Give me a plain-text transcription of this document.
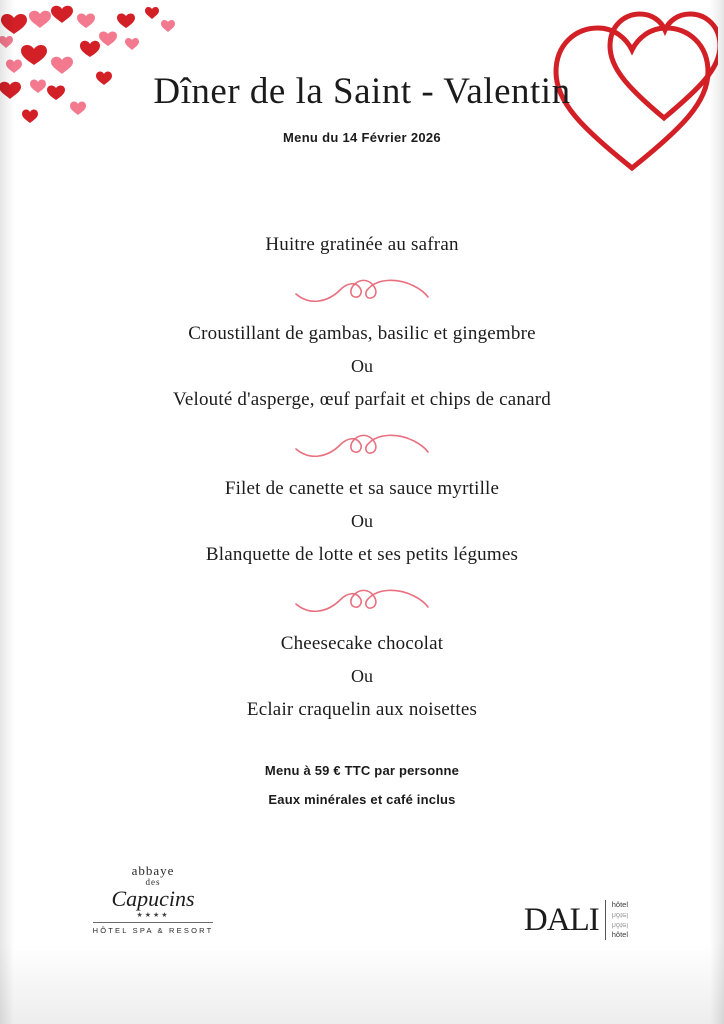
Dîner de la Saint - Valentin
Menu du 14 Février 2026
Huitre gratinée au safran
Croustillant de gambas, basilic et gingembre
Ou
Velouté d'asperge, œuf parfait et chips de canard
Filet de canette et sa sauce myrtille
Ou
Blanquette de lotte et ses petits légumes
Cheesecake chocolat
Ou
Eclair craquelin aux noisettes
Menu à 59 € TTC par personne
Eaux minérales et café inclus
abbaye
des
Capucins
★★★★
HÔTEL SPA & RESORT	DALI	hôtel
hôtel
hôtel
hôtel
